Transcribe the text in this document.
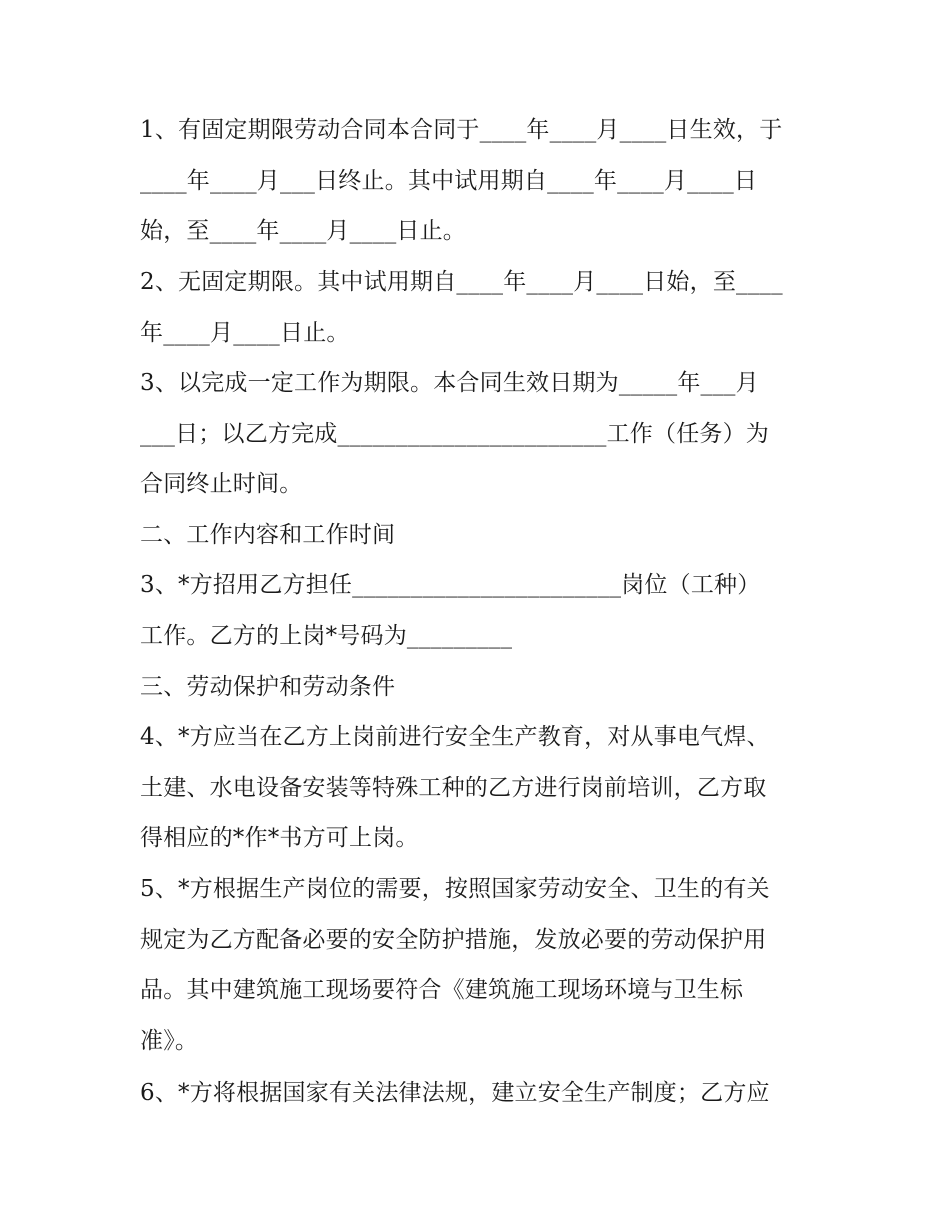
1、有固定期限劳动合同本合同于____年____月____日生效，于
____年____月___日终止。其中试用期自____年____月____日
始，至____年____月____日止。
2、无固定期限。其中试用期自____年____月____日始，至____
年____月____日止。
3、以完成一定工作为期限。本合同生效日期为_____年___月
___日；以乙方完成_______________________工作（任务）为
合同终止时间。
二、工作内容和工作时间
3、*方招用乙方担任_______________________岗位（工种）
工作。乙方的上岗*号码为_________
三、劳动保护和劳动条件
4、*方应当在乙方上岗前进行安全生产教育，对从事电气焊、
土建、水电设备安装等特殊工种的乙方进行岗前培训，乙方取
得相应的*作*书方可上岗。
5、*方根据生产岗位的需要，按照国家劳动安全、卫生的有关
规定为乙方配备必要的安全防护措施，发放必要的劳动保护用
品。其中建筑施工现场要符合《建筑施工现场环境与卫生标
准》。
6、*方将根据国家有关法律法规，建立安全生产制度；乙方应
